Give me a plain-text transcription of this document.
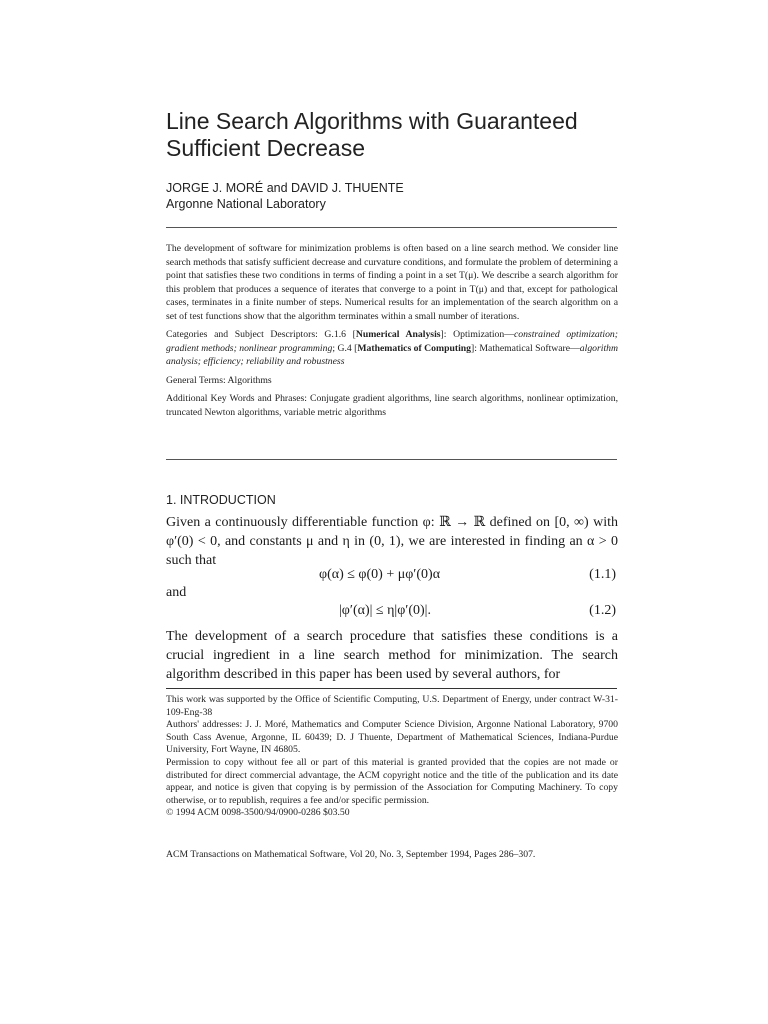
Line Search Algorithms with Guaranteed
Sufficient Decrease
JORGE J. MORÉ and DAVID J. THUENTE
Argonne National Laboratory

The development of software for minimization problems is often based on a line search method. We consider line search methods that satisfy sufficient decrease and curvature conditions, and formulate the problem of determining a point that satisfies these two conditions in terms of finding a point in a set T(μ). We describe a search algorithm for this problem that produces a sequence of iterates that converge to a point in T(μ) and that, except for pathological cases, terminates in a finite number of steps. Numerical results for an implementation of the search algorithm on a set of test functions show that the algorithm terminates within a small number of iterations.

Categories and Subject Descriptors: G.1.6 [Numerical Analysis]: Optimization—constrained optimization; gradient methods; nonlinear programming; G.4 [Mathematics of Computing]: Mathematical Software—algorithm analysis; efficiency; reliability and robustness

General Terms: Algorithms

Additional Key Words and Phrases: Conjugate gradient algorithms, line search algorithms, nonlinear optimization, truncated Newton algorithms, variable metric algorithms

1. INTRODUCTION

Given a continuously differentiable function φ: ℝ → ℝ defined on [0, ∞) with φ′(0) < 0, and constants μ and η in (0, 1), we are interested in finding an α > 0 such that

φ(α) ≤ φ(0) + μφ′(0)α	(1.1)
and
|φ′(α)| ≤ η|φ′(0)|.	(1.2)

The development of a search procedure that satisfies these conditions is a crucial ingredient in a line search method for minimization. The search algorithm described in this paper has been used by several authors, for

This work was supported by the Office of Scientific Computing, U.S. Department of Energy, under contract W-31-109-Eng-38

Authors' addresses: J. J. Moré, Mathematics and Computer Science Division, Argonne National Laboratory, 9700 South Cass Avenue, Argonne, IL 60439; D. J Thuente, Department of Mathematical Sciences, Indiana-Purdue University, Fort Wayne, IN 46805.

Permission to copy without fee all or part of this material is granted provided that the copies are not made or distributed for direct commercial advantage, the ACM copyright notice and the title of the publication and its date appear, and notice is given that copying is by permission of the Association for Computing Machinery. To copy otherwise, or to republish, requires a fee and/or specific permission.

© 1994 ACM 0098-3500/94/0900-0286 $03.50

ACM Transactions on Mathematical Software, Vol 20, No. 3, September 1994, Pages 286–307.
